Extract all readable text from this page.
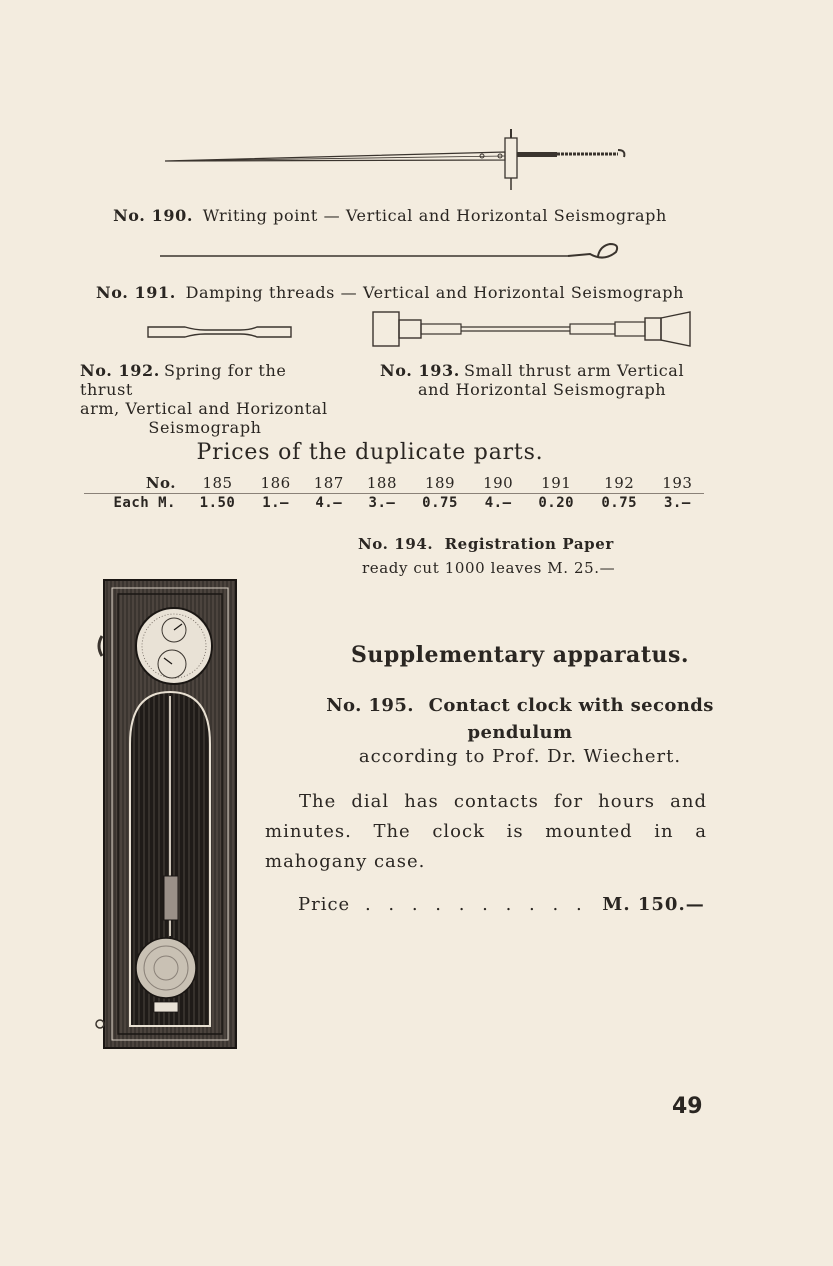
No. 190. Writing point — Vertical and Horizontal Seismograph
No. 191. Damping threads — Vertical and Horizontal Seismograph
No. 192. Spring for the thrust
arm, Vertical and Horizontal
Seismograph
No. 193. Small thrust arm Vertical
and Horizontal Seismograph
Prices of the duplicate parts.
No.	185	186	187	188	189	190	191	192	193
Each M.	1.50	1.—	4.—	3.—	0.75	4.—	0.20	0.75	3.—
No. 194. Registration Paper
ready cut 1000 leaves M. 25.—
Supplementary apparatus.
No. 195. Contact clock with seconds
pendulum
according to Prof. Dr. Wiechert.
The dial has contacts for hours and minutes. The clock is mounted in a mahogany case.
Price . . . . . . . . . . M. 150.—
49
